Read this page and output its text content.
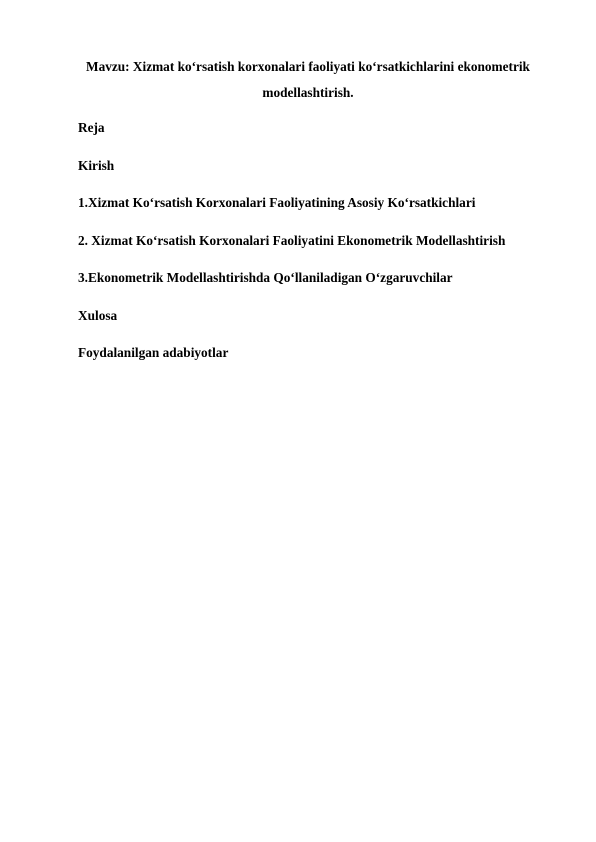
Mavzu: Xizmat ko‘rsatish korxonalari faoliyati ko‘rsatkichlarini ekonometrik
modellashtirish.
Reja
Kirish
1.Xizmat Ko‘rsatish Korxonalari Faoliyatining Asosiy Ko‘rsatkichlari
2. Xizmat Ko‘rsatish Korxonalari Faoliyatini Ekonometrik Modellashtirish
3.Ekonometrik Modellashtirishda Qo‘llaniladigan O‘zgaruvchilar
Xulosa
Foydalanilgan adabiyotlar
